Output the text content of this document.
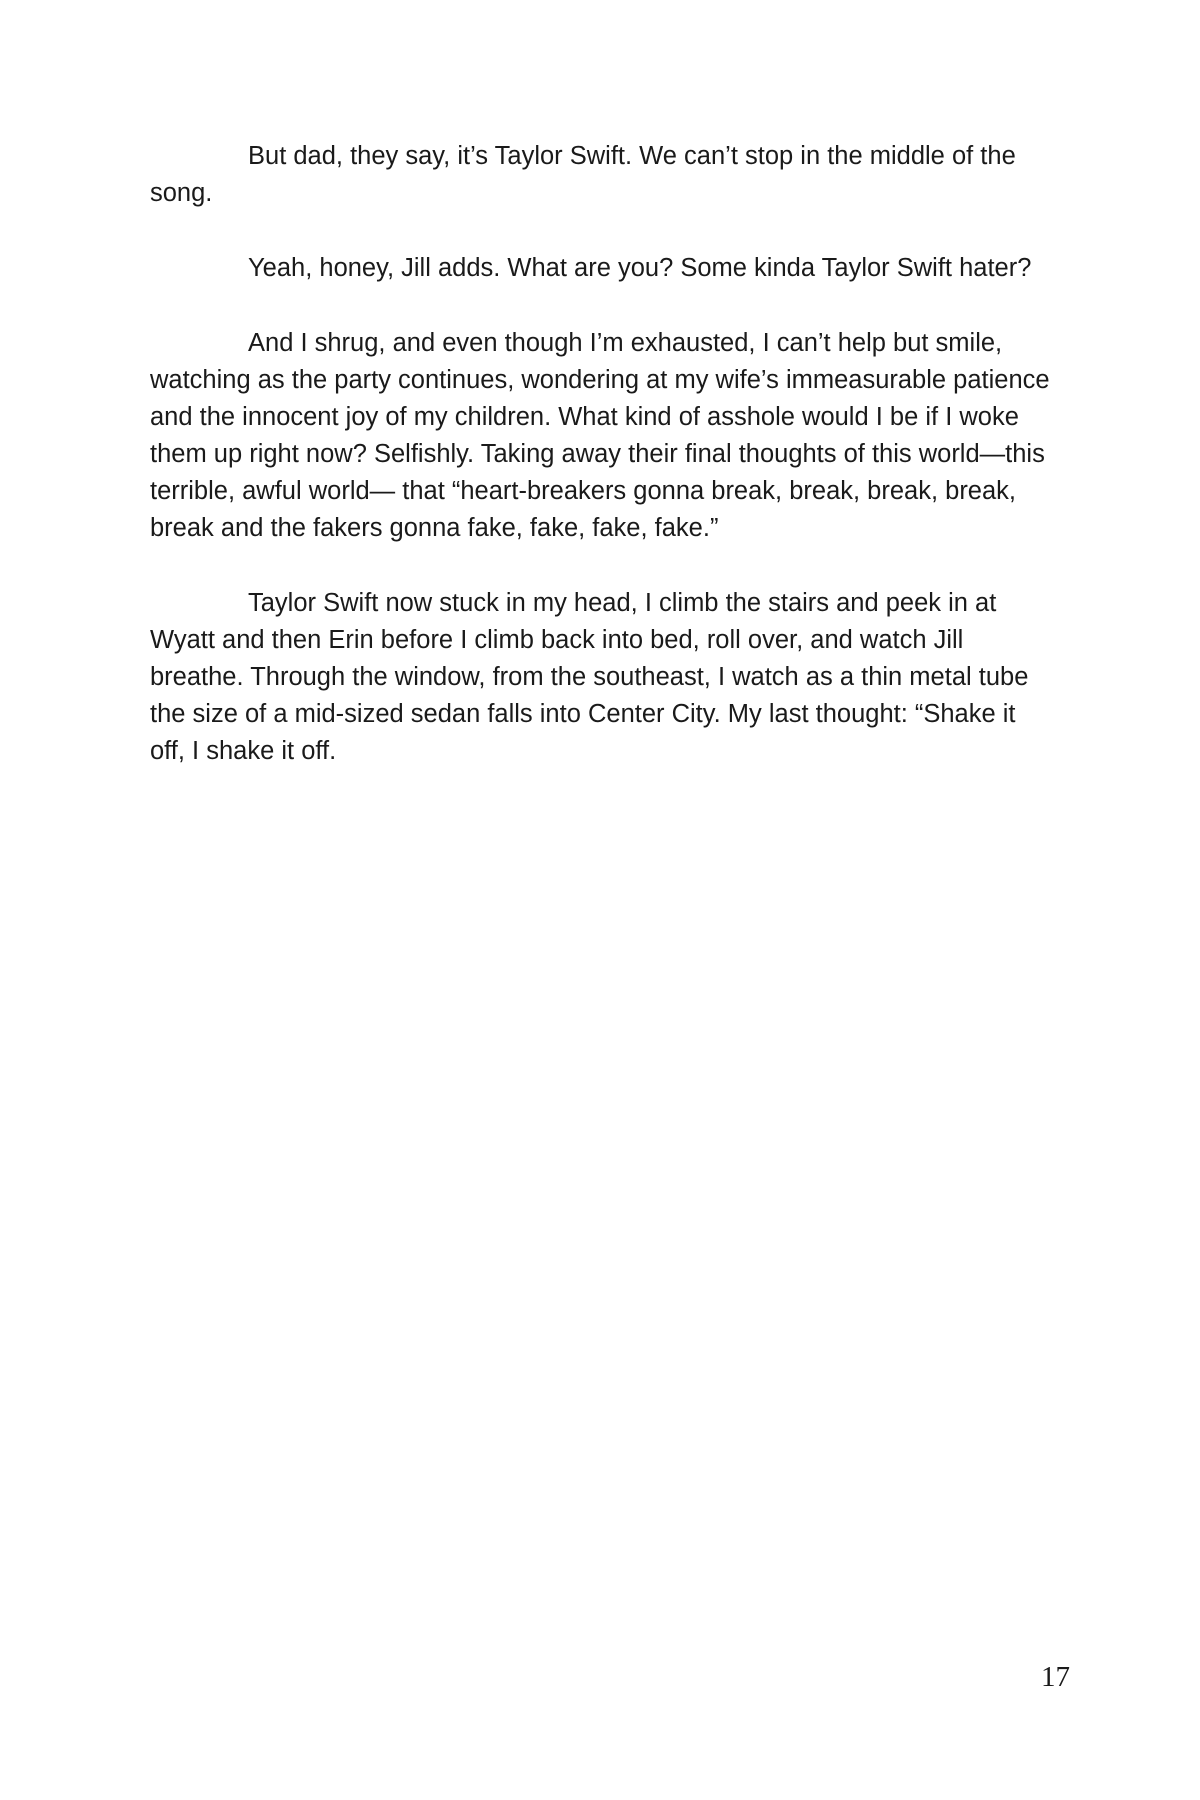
But dad, they say, it’s Taylor Swift. We can’t stop in the middle of the song.

Yeah, honey, Jill adds. What are you? Some kinda Taylor Swift hater?

And I shrug, and even though I’m exhausted, I can’t help but smile, watching as the party continues, wondering at my wife’s immeasurable patience and the innocent joy of my children. What kind of asshole would I be if I woke them up right now? Selfishly. Taking away their final thoughts of this world—this terrible, awful world— that “heart-breakers gonna break, break, break, break, break and the fakers gonna fake, fake, fake, fake.”

Taylor Swift now stuck in my head, I climb the stairs and peek in at Wyatt and then Erin before I climb back into bed, roll over, and watch Jill breathe. Through the window, from the southeast, I watch as a thin metal tube the size of a mid-sized sedan falls into Center City. My last thought: “Shake it off, I shake it off.

17
